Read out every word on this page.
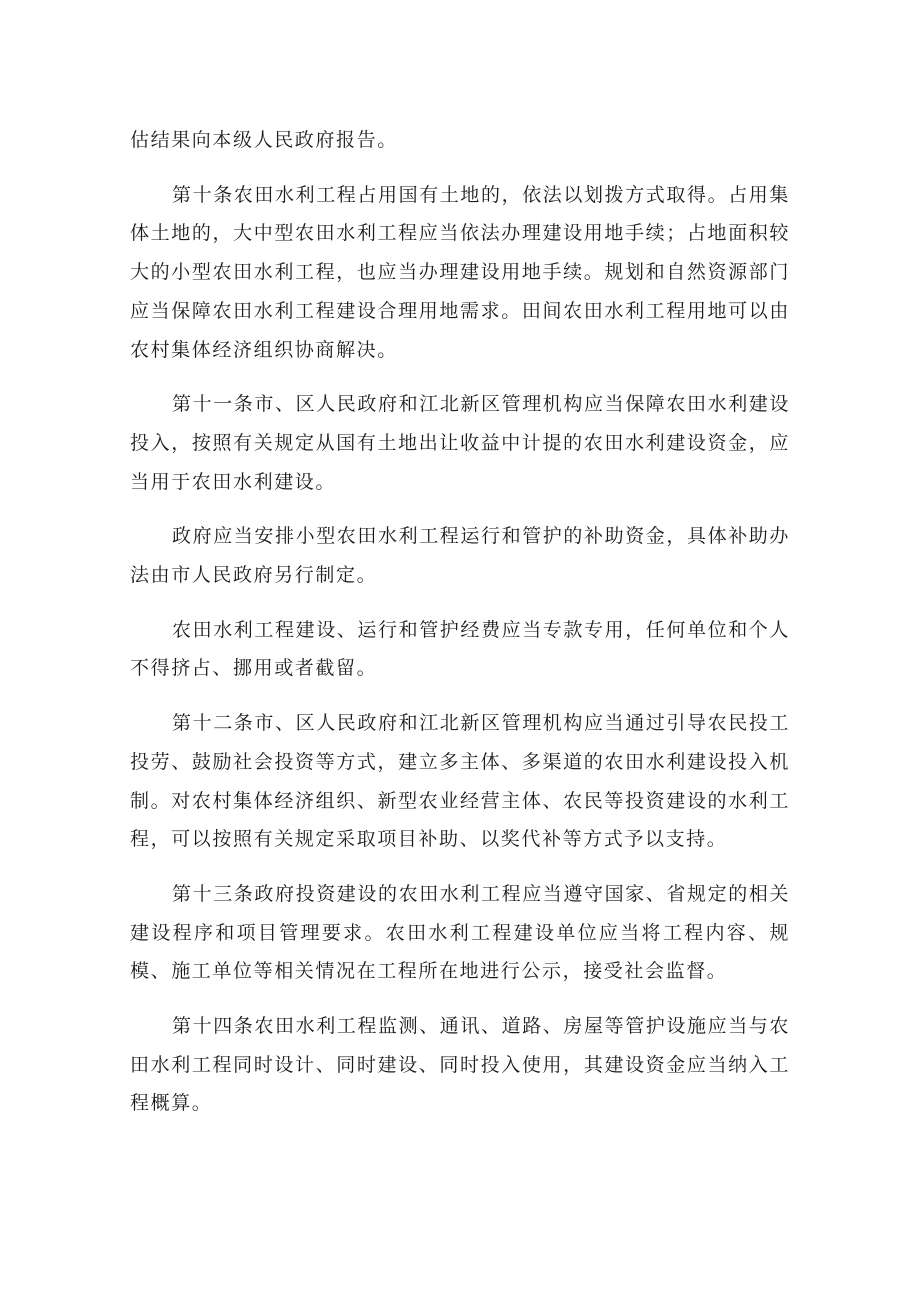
估结果向本级人民政府报告。

第十条农田水利工程占用国有土地的，依法以划拨方式取得。占用集体土地的，大中型农田水利工程应当依法办理建设用地手续；占地面积较大的小型农田水利工程，也应当办理建设用地手续。规划和自然资源部门应当保障农田水利工程建设合理用地需求。田间农田水利工程用地可以由农村集体经济组织协商解决。

第十一条市、区人民政府和江北新区管理机构应当保障农田水利建设投入，按照有关规定从国有土地出让收益中计提的农田水利建设资金，应当用于农田水利建设。

政府应当安排小型农田水利工程运行和管护的补助资金，具体补助办法由市人民政府另行制定。

农田水利工程建设、运行和管护经费应当专款专用，任何单位和个人不得挤占、挪用或者截留。

第十二条市、区人民政府和江北新区管理机构应当通过引导农民投工投劳、鼓励社会投资等方式，建立多主体、多渠道的农田水利建设投入机制。对农村集体经济组织、新型农业经营主体、农民等投资建设的水利工程，可以按照有关规定采取项目补助、以奖代补等方式予以支持。

第十三条政府投资建设的农田水利工程应当遵守国家、省规定的相关建设程序和项目管理要求。农田水利工程建设单位应当将工程内容、规模、施工单位等相关情况在工程所在地进行公示，接受社会监督。

第十四条农田水利工程监测、通讯、道路、房屋等管护设施应当与农田水利工程同时设计、同时建设、同时投入使用，其建设资金应当纳入工程概算。
